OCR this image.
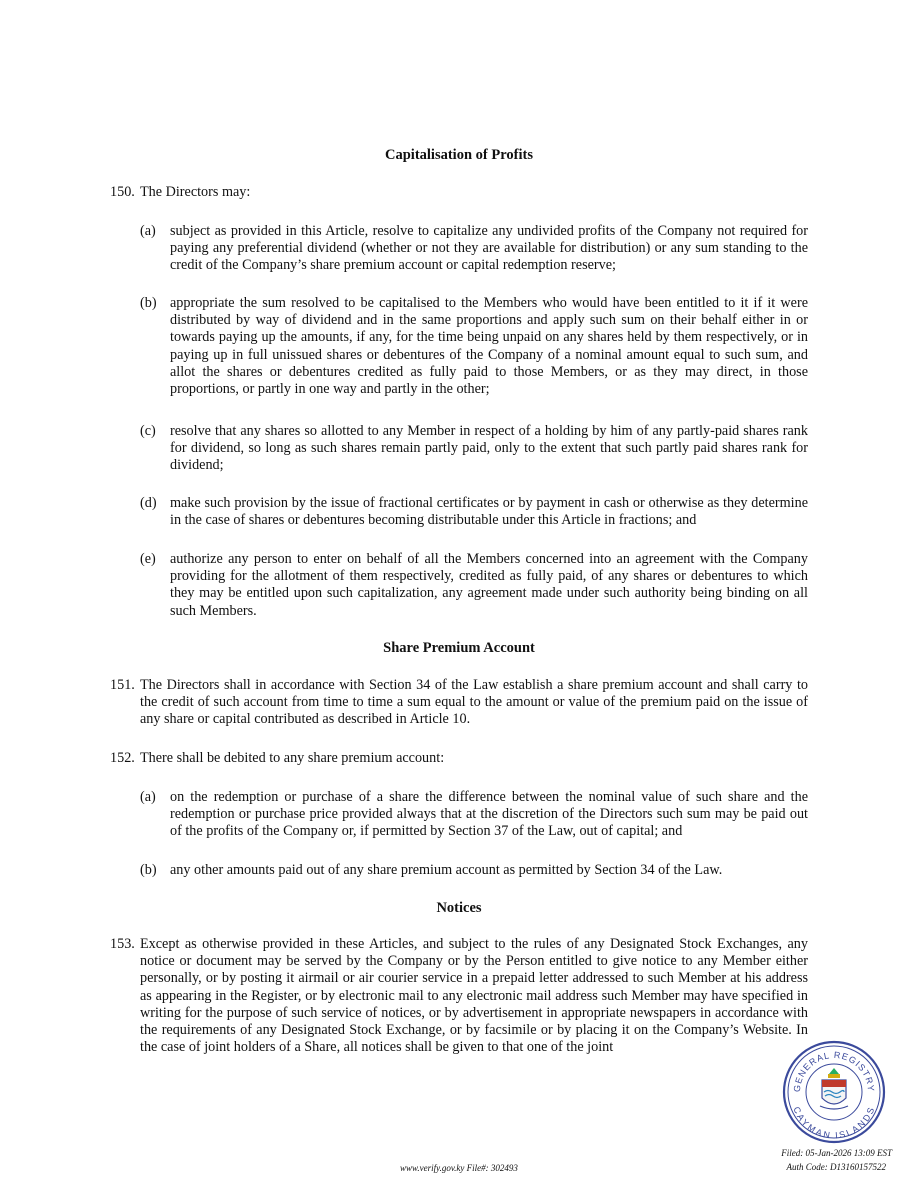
Capitalisation of Profits
150. The Directors may:
(a) subject as provided in this Article, resolve to capitalize any undivided profits of the Company not required for paying any preferential dividend (whether or not they are available for distribution) or any sum standing to the credit of the Company’s share premium account or capital redemption reserve;
(b) appropriate the sum resolved to be capitalised to the Members who would have been entitled to it if it were distributed by way of dividend and in the same proportions and apply such sum on their behalf either in or towards paying up the amounts, if any, for the time being unpaid on any shares held by them respectively, or in paying up in full unissued shares or debentures of the Company of a nominal amount equal to such sum, and allot the shares or debentures credited as fully paid to those Members, or as they may direct, in those proportions, or partly in one way and partly in the other;
(c) resolve that any shares so allotted to any Member in respect of a holding by him of any partly-paid shares rank for dividend, so long as such shares remain partly paid, only to the extent that such partly paid shares rank for dividend;
(d) make such provision by the issue of fractional certificates or by payment in cash or otherwise as they determine in the case of shares or debentures becoming distributable under this Article in fractions; and
(e) authorize any person to enter on behalf of all the Members concerned into an agreement with the Company providing for the allotment of them respectively, credited as fully paid, of any shares or debentures to which they may be entitled upon such capitalization, any agreement made under such authority being binding on all such Members.
Share Premium Account
151. The Directors shall in accordance with Section 34 of the Law establish a share premium account and shall carry to the credit of such account from time to time a sum equal to the amount or value of the premium paid on the issue of any share or capital contributed as described in Article 10.
152. There shall be debited to any share premium account:
(a) on the redemption or purchase of a share the difference between the nominal value of such share and the redemption or purchase price provided always that at the discretion of the Directors such sum may be paid out of the profits of the Company or, if permitted by Section 37 of the Law, out of capital; and
(b) any other amounts paid out of any share premium account as permitted by Section 34 of the Law.
Notices
153. Except as otherwise provided in these Articles, and subject to the rules of any Designated Stock Exchanges, any notice or document may be served by the Company or by the Person entitled to give notice to any Member either personally, or by posting it airmail or air courier service in a prepaid letter addressed to such Member at his address as appearing in the Register, or by electronic mail to any electronic mail address such Member may have specified in writing for the purpose of such service of notices, or by advertisement in appropriate newspapers in accordance with the requirements of any Designated Stock Exchange, or by facsimile or by placing it on the Company’s Website. In the case of joint holders of a Share, all notices shall be given to that one of the joint
GENERAL REGISTRY
CAYMAN ISLANDS
www.verify.gov.ky File#: 302493
Filed: 05-Jan-2026 13:09 EST
Auth Code: D13160157522
